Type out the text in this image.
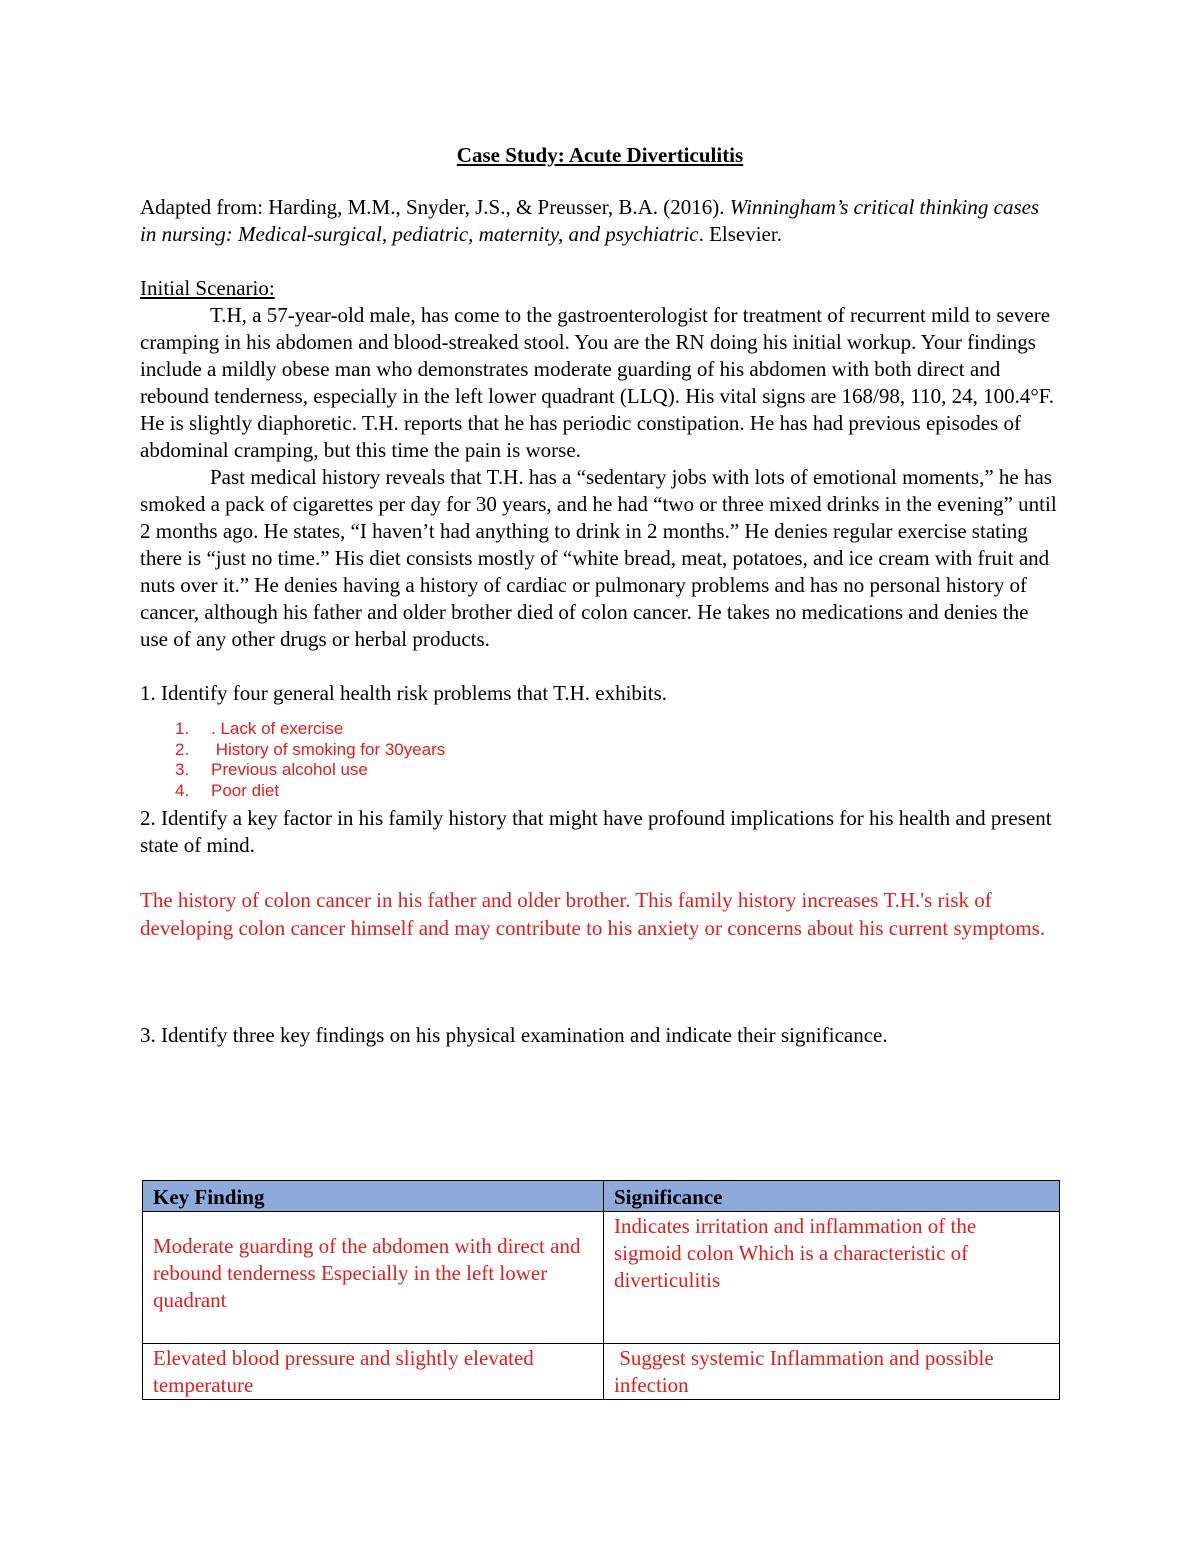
Case Study: Acute Diverticulitis
Adapted from: Harding, M.M., Snyder, J.S., & Preusser, B.A. (2016). Winningham’s critical thinking cases in nursing: Medical-surgical, pediatric, maternity, and psychiatric. Elsevier.
Initial Scenario:

T.H, a 57-year-old male, has come to the gastroenterologist for treatment of recurrent mild to severe cramping in his abdomen and blood-streaked stool. You are the RN doing his initial workup. Your findings include a mildly obese man who demonstrates moderate guarding of his abdomen with both direct and rebound tenderness, especially in the left lower quadrant (LLQ). His vital signs are 168/98, 110, 24, 100.4°F. He is slightly diaphoretic. T.H. reports that he has periodic constipation. He has had previous episodes of abdominal cramping, but this time the pain is worse.

Past medical history reveals that T.H. has a “sedentary jobs with lots of emotional moments,” he has smoked a pack of cigarettes per day for 30 years, and he had “two or three mixed drinks in the evening” until 2 months ago. He states, “I haven’t had anything to drink in 2 months.” He denies regular exercise stating there is “just no time.” His diet consists mostly of “white bread, meat, potatoes, and ice cream with fruit and nuts over it.” He denies having a history of cardiac or pulmonary problems and has no personal history of cancer, although his father and older brother died of colon cancer. He takes no medications and denies the use of any other drugs or herbal products.

1. Identify four general health risk problems that T.H. exhibits.
1. . Lack of exercise
2. History of smoking for 30years
3. Previous alcohol use
4. Poor diet
2. Identify a key factor in his family history that might have profound implications for his health and present state of mind.
The history of colon cancer in his father and older brother. This family history increases T.H.'s risk of developing colon cancer himself and may contribute to his anxiety or concerns about his current symptoms.
3. Identify three key findings on his physical examination and indicate their significance.
Key Finding	Significance
Moderate guarding of the abdomen with direct and rebound tenderness Especially in the left lower quadrant	Indicates irritation and inflammation of the sigmoid colon Which is a characteristic of diverticulitis
Elevated blood pressure and slightly elevated temperature	Suggest systemic Inflammation and possible infection
